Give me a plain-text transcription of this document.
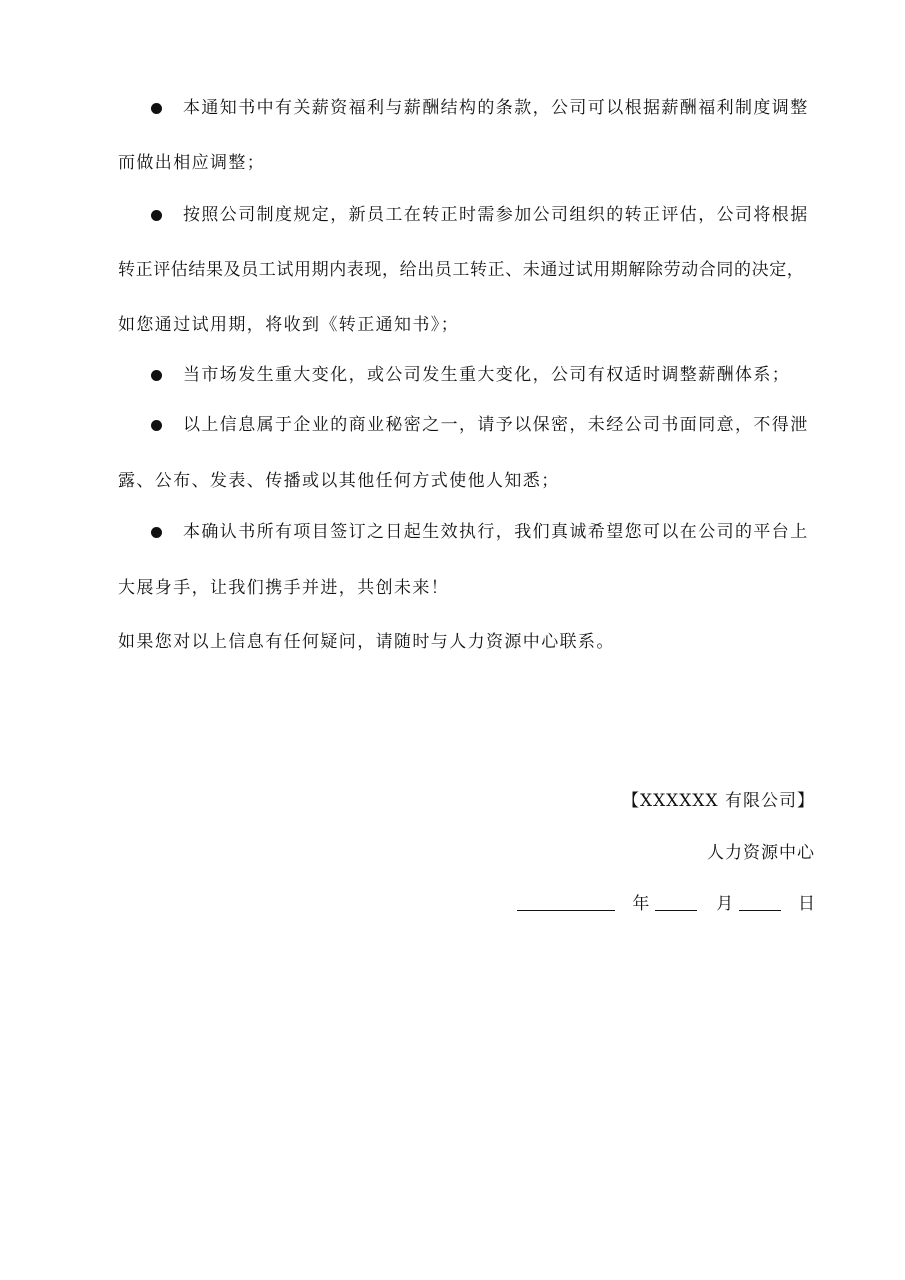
本通知书中有关薪资福利与薪酬结构的条款，公司可以根据薪酬福利制度调整
而做出相应调整；
按照公司制度规定，新员工在转正时需参加公司组织的转正评估，公司将根据
转正评估结果及员工试用期内表现，给出员工转正、未通过试用期解除劳动合同的决定，
如您通过试用期，将收到《转正通知书》；
当市场发生重大变化，或公司发生重大变化，公司有权适时调整薪酬体系；
以上信息属于企业的商业秘密之一，请予以保密，未经公司书面同意，不得泄
露、公布、发表、传播或以其他任何方式使他人知悉；
本确认书所有项目签订之日起生效执行，我们真诚希望您可以在公司的平台上
大展身手，让我们携手并进，共创未来！
如果您对以上信息有任何疑问，请随时与人力资源中心联系。
【XXXXXX 有限公司】
人力资源中心
年	月	日
